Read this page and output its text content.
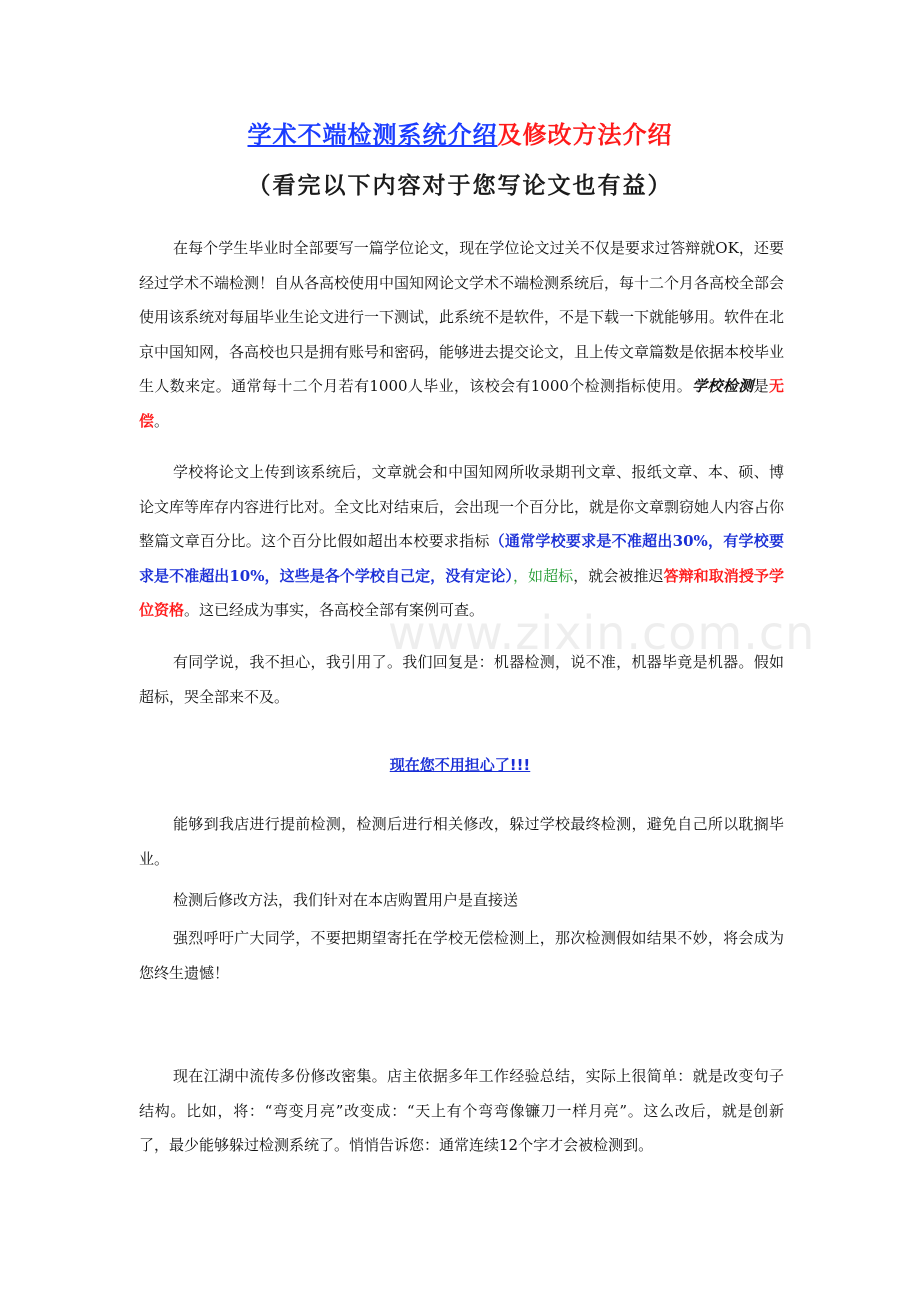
学术不端检测系统介绍及修改方法介绍
（看完以下内容对于您写论文也有益）
在每个学生毕业时全部要写一篇学位论文，现在学位论文过关不仅是要求过答辩就OK，还要经过学术不端检测！自从各高校使用中国知网论文学术不端检测系统后，每十二个月各高校全部会使用该系统对每届毕业生论文进行一下测试，此系统不是软件，不是下载一下就能够用。软件在北京中国知网，各高校也只是拥有账号和密码，能够进去提交论文，且上传文章篇数是依据本校毕业生人数来定。通常每十二个月若有1000人毕业，该校会有1000个检测指标使用。学校检测是无偿。
学校将论文上传到该系统后，文章就会和中国知网所收录期刊文章、报纸文章、本、硕、博论文库等库存内容进行比对。全文比对结束后，会出现一个百分比，就是你文章剽窃她人内容占你整篇文章百分比。这个百分比假如超出本校要求指标（通常学校要求是不准超出30%，有学校要求是不准超出10%，这些是各个学校自己定，没有定论），如超标，就会被推迟答辩和取消授予学位资格。这已经成为事实，各高校全部有案例可查。
有同学说，我不担心，我引用了。我们回复是：机器检测，说不准，机器毕竟是机器。假如超标，哭全部来不及。
现在您不用担心了!!!
能够到我店进行提前检测，检测后进行相关修改，躲过学校最终检测，避免自己所以耽搁毕业。
检测后修改方法，我们针对在本店购置用户是直接送
强烈呼吁广大同学，不要把期望寄托在学校无偿检测上，那次检测假如结果不妙，将会成为您终生遗憾！
现在江湖中流传多份修改密集。店主依据多年工作经验总结，实际上很简单：就是改变句子结构。比如，将：“弯变月亮”改变成：“天上有个弯弯像镰刀一样月亮”。这么改后，就是创新了，最少能够躲过检测系统了。悄悄告诉您：通常连续12个字才会被检测到。
www.zixin.com.cn
